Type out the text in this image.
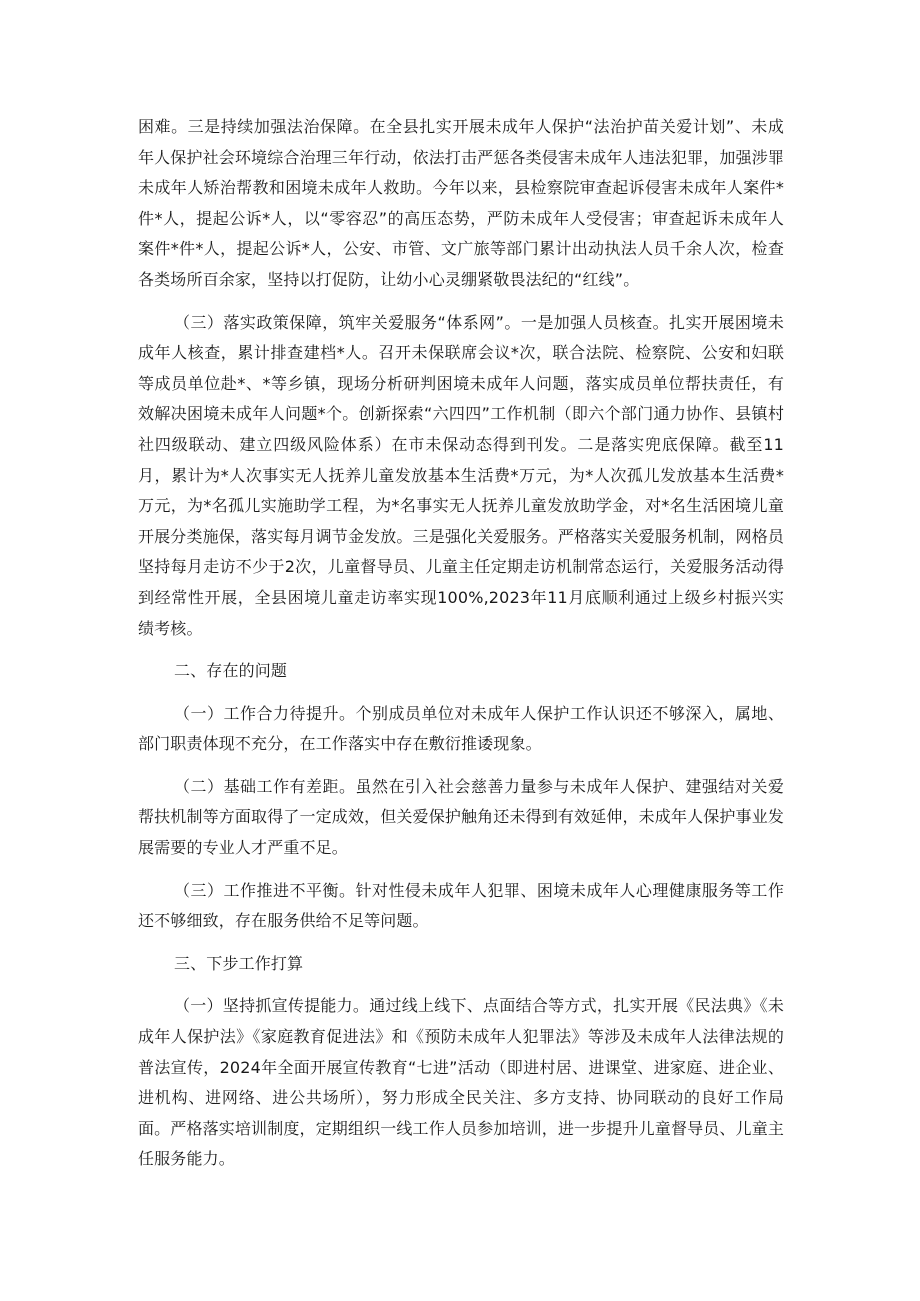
困难。三是持续加强法治保障。在全县扎实开展未成年人保护“法治护苗关爱计划”、未成年人保护社会环境综合治理三年行动，依法打击严惩各类侵害未成年人违法犯罪，加强涉罪未成年人矫治帮教和困境未成年人救助。今年以来，县检察院审查起诉侵害未成年人案件*件*人，提起公诉*人，以“零容忍”的高压态势，严防未成年人受侵害；审查起诉未成年人案件*件*人，提起公诉*人，公安、市管、文广旅等部门累计出动执法人员千余人次，检查各类场所百余家，坚持以打促防，让幼小心灵绷紧敬畏法纪的“红线”。

（三）落实政策保障，筑牢关爱服务“体系网”。一是加强人员核查。扎实开展困境未成年人核查，累计排查建档*人。召开未保联席会议*次，联合法院、检察院、公安和妇联等成员单位赴*、*等乡镇，现场分析研判困境未成年人问题，落实成员单位帮扶责任，有效解决困境未成年人问题*个。创新探索“六四四”工作机制（即六个部门通力协作、县镇村社四级联动、建立四级风险体系）在市未保动态得到刊发。二是落实兜底保障。截至11月，累计为*人次事实无人抚养儿童发放基本生活费*万元，为*人次孤儿发放基本生活费*万元，为*名孤儿实施助学工程，为*名事实无人抚养儿童发放助学金，对*名生活困境儿童开展分类施保，落实每月调节金发放。三是强化关爱服务。严格落实关爱服务机制，网格员坚持每月走访不少于2次，儿童督导员、儿童主任定期走访机制常态运行，关爱服务活动得到经常性开展，全县困境儿童走访率实现100%,2023年11月底顺利通过上级乡村振兴实绩考核。

二、存在的问题

（一）工作合力待提升。个别成员单位对未成年人保护工作认识还不够深入，属地、部门职责体现不充分，在工作落实中存在敷衍推诿现象。

（二）基础工作有差距。虽然在引入社会慈善力量参与未成年人保护、建强结对关爱帮扶机制等方面取得了一定成效，但关爱保护触角还未得到有效延伸，未成年人保护事业发展需要的专业人才严重不足。

（三）工作推进不平衡。针对性侵未成年人犯罪、困境未成年人心理健康服务等工作还不够细致，存在服务供给不足等问题。

三、下步工作打算

（一）坚持抓宣传提能力。通过线上线下、点面结合等方式，扎实开展《民法典》《未成年人保护法》《家庭教育促进法》和《预防未成年人犯罪法》等涉及未成年人法律法规的普法宣传，2024年全面开展宣传教育“七进”活动（即进村居、进课堂、进家庭、进企业、进机构、进网络、进公共场所），努力形成全民关注、多方支持、协同联动的良好工作局面。严格落实培训制度，定期组织一线工作人员参加培训，进一步提升儿童督导员、儿童主任服务能力。
